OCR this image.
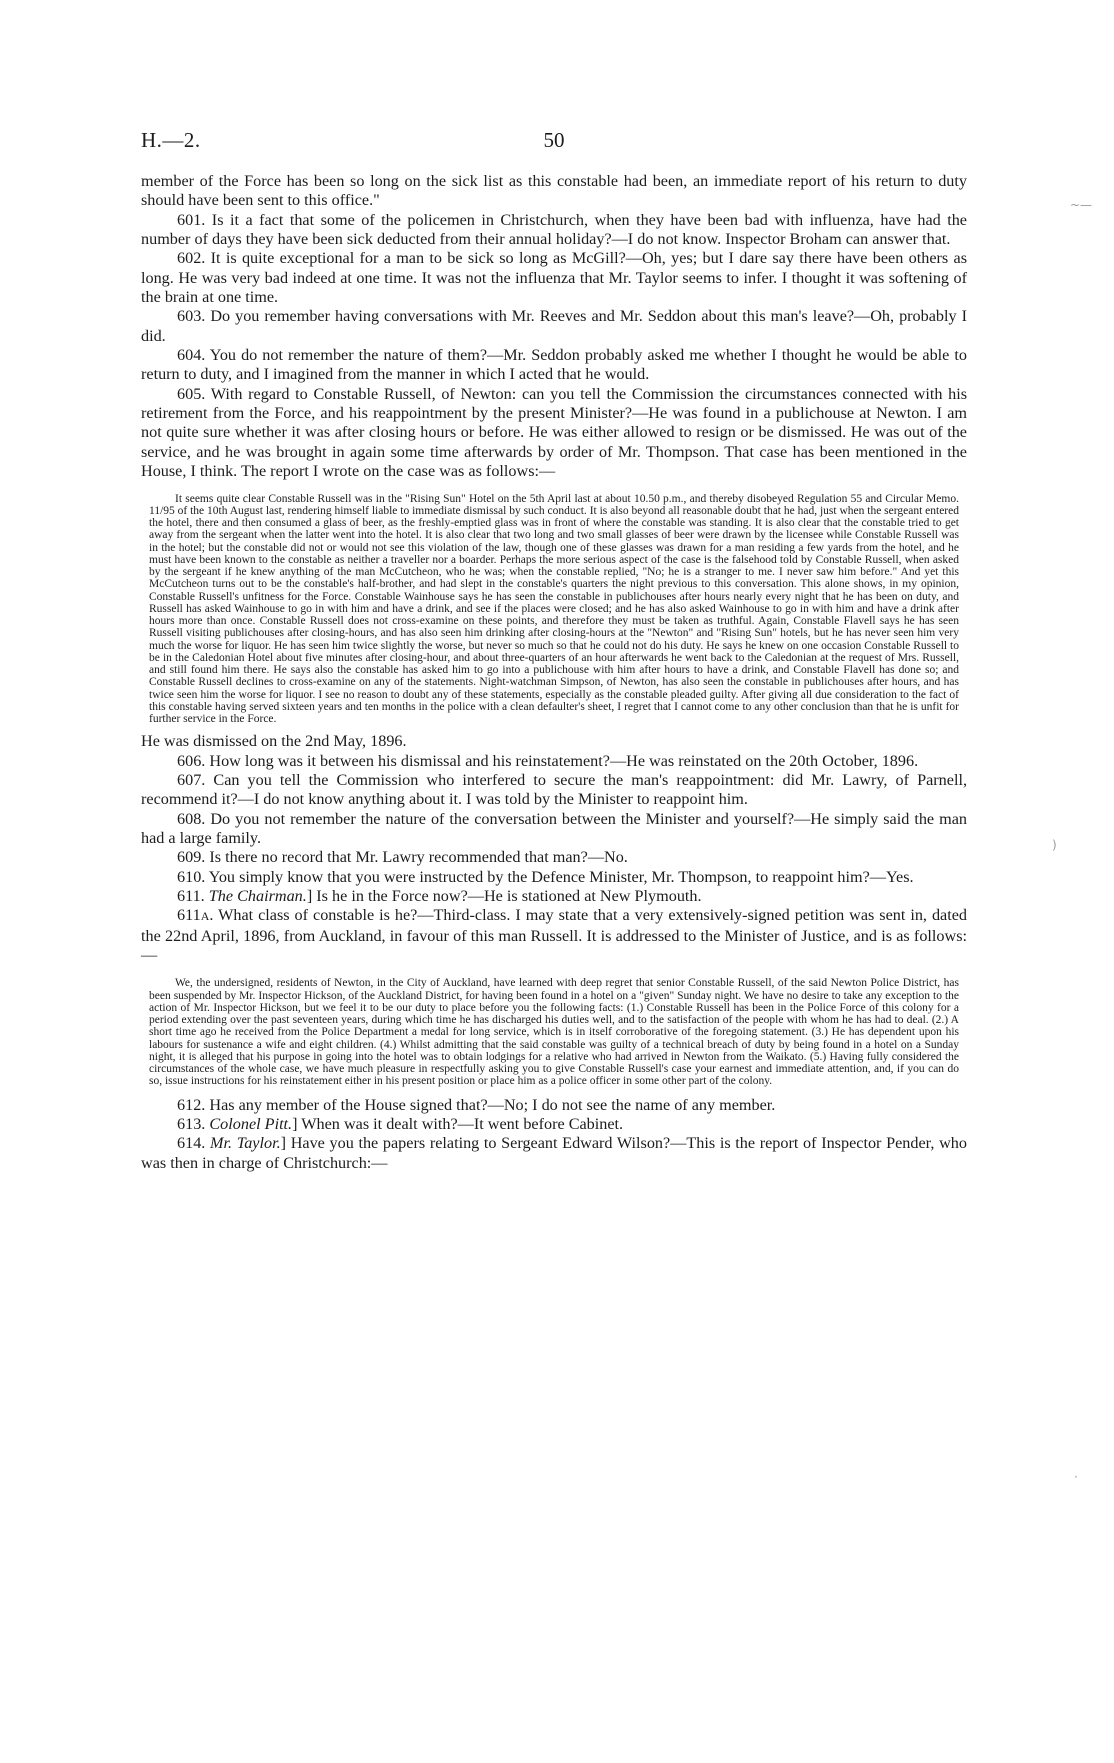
H.—2.	50
~—
)
·

member of the Force has been so long on the sick list as this constable had been, an immediate report of his return to duty should have been sent to this office."

601. Is it a fact that some of the policemen in Christchurch, when they have been bad with influenza, have had the number of days they have been sick deducted from their annual holiday?—I do not know. Inspector Broham can answer that.

602. It is quite exceptional for a man to be sick so long as McGill?—Oh, yes; but I dare say there have been others as long. He was very bad indeed at one time. It was not the influenza that Mr. Taylor seems to infer. I thought it was softening of the brain at one time.

603. Do you remember having conversations with Mr. Reeves and Mr. Seddon about this man's leave?—Oh, probably I did.

604. You do not remember the nature of them?—Mr. Seddon probably asked me whether I thought he would be able to return to duty, and I imagined from the manner in which I acted that he would.

605. With regard to Constable Russell, of Newton: can you tell the Commission the circumstances connected with his retirement from the Force, and his reappointment by the present Minister?—He was found in a publichouse at Newton. I am not quite sure whether it was after closing hours or before. He was either allowed to resign or be dismissed. He was out of the service, and he was brought in again some time afterwards by order of Mr. Thompson. That case has been mentioned in the House, I think. The report I wrote on the case was as follows:—

It seems quite clear Constable Russell was in the "Rising Sun" Hotel on the 5th April last at about 10.50 p.m., and thereby disobeyed Regulation 55 and Circular Memo. 11/95 of the 10th August last, rendering himself liable to immediate dismissal by such conduct. It is also beyond all reasonable doubt that he had, just when the sergeant entered the hotel, there and then consumed a glass of beer, as the freshly-emptied glass was in front of where the constable was standing. It is also clear that the constable tried to get away from the sergeant when the latter went into the hotel. It is also clear that two long and two small glasses of beer were drawn by the licensee while Constable Russell was in the hotel; but the constable did not or would not see this violation of the law, though one of these glasses was drawn for a man residing a few yards from the hotel, and he must have been known to the constable as neither a traveller nor a boarder. Perhaps the more serious aspect of the case is the falsehood told by Constable Russell, when asked by the sergeant if he knew anything of the man McCutcheon, who he was; when the constable replied, "No; he is a stranger to me. I never saw him before." And yet this McCutcheon turns out to be the constable's half-brother, and had slept in the constable's quarters the night previous to this conversation. This alone shows, in my opinion, Constable Russell's unfitness for the Force. Constable Wainhouse says he has seen the constable in publichouses after hours nearly every night that he has been on duty, and Russell has asked Wainhouse to go in with him and have a drink, and see if the places were closed; and he has also asked Wainhouse to go in with him and have a drink after hours more than once. Constable Russell does not cross-examine on these points, and therefore they must be taken as truthful. Again, Constable Flavell says he has seen Russell visiting publichouses after closing-hours, and has also seen him drinking after closing-hours at the "Newton" and "Rising Sun" hotels, but he has never seen him very much the worse for liquor. He has seen him twice slightly the worse, but never so much so that he could not do his duty. He says he knew on one occasion Constable Russell to be in the Caledonian Hotel about five minutes after closing-hour, and about three-quarters of an hour afterwards he went back to the Caledonian at the request of Mrs. Russell, and still found him there. He says also the constable has asked him to go into a publichouse with him after hours to have a drink, and Constable Flavell has done so; and Constable Russell declines to cross-examine on any of the statements. Night-watchman Simpson, of Newton, has also seen the constable in publichouses after hours, and has twice seen him the worse for liquor. I see no reason to doubt any of these statements, especially as the constable pleaded guilty. After giving all due consideration to the fact of this constable having served sixteen years and ten months in the police with a clean defaulter's sheet, I regret that I cannot come to any other conclusion than that he is unfit for further service in the Force.

He was dismissed on the 2nd May, 1896.

606. How long was it between his dismissal and his reinstatement?—He was reinstated on the 20th October, 1896.

607. Can you tell the Commission who interfered to secure the man's reappointment: did Mr. Lawry, of Parnell, recommend it?—I do not know anything about it. I was told by the Minister to reappoint him.

608. Do you not remember the nature of the conversation between the Minister and yourself?—He simply said the man had a large family.

609. Is there no record that Mr. Lawry recommended that man?—No.

610. You simply know that you were instructed by the Defence Minister, Mr. Thompson, to reappoint him?—Yes.

611. The Chairman.] Is he in the Force now?—He is stationed at New Plymouth.

611A. What class of constable is he?—Third-class. I may state that a very extensively-signed petition was sent in, dated the 22nd April, 1896, from Auckland, in favour of this man Russell. It is addressed to the Minister of Justice, and is as follows:—

We, the undersigned, residents of Newton, in the City of Auckland, have learned with deep regret that senior Constable Russell, of the said Newton Police District, has been suspended by Mr. Inspector Hickson, of the Auckland District, for having been found in a hotel on a "given" Sunday night. We have no desire to take any exception to the action of Mr. Inspector Hickson, but we feel it to be our duty to place before you the following facts: (1.) Constable Russell has been in the Police Force of this colony for a period extending over the past seventeen years, during which time he has discharged his duties well, and to the satisfaction of the people with whom he has had to deal. (2.) A short time ago he received from the Police Department a medal for long service, which is in itself corroborative of the foregoing statement. (3.) He has dependent upon his labours for sustenance a wife and eight children. (4.) Whilst admitting that the said constable was guilty of a technical breach of duty by being found in a hotel on a Sunday night, it is alleged that his purpose in going into the hotel was to obtain lodgings for a relative who had arrived in Newton from the Waikato. (5.) Having fully considered the circumstances of the whole case, we have much pleasure in respectfully asking you to give Constable Russell's case your earnest and immediate attention, and, if you can do so, issue instructions for his reinstatement either in his present position or place him as a police officer in some other part of the colony.

612. Has any member of the House signed that?—No; I do not see the name of any member.

613. Colonel Pitt.] When was it dealt with?—It went before Cabinet.

614. Mr. Taylor.] Have you the papers relating to Sergeant Edward Wilson?—This is the report of Inspector Pender, who was then in charge of Christchurch:—
